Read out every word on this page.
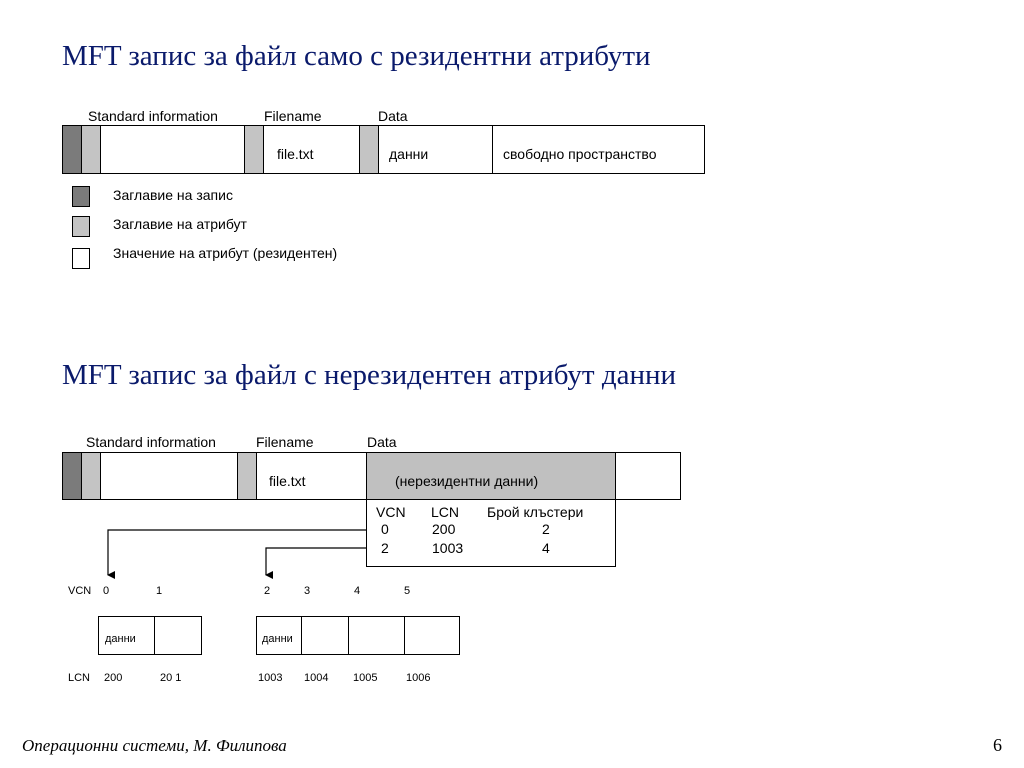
MFT запис за файл само с резидентни атрибути
Standard information	Filename	Data
file.txt	данни	свободно пространство
Заглавие на запис
Заглавие на атрибут
Значение на атрибут (резидентен)
MFT запис за файл с нерезидентен атрибут данни
Standard information	Filename	Data
file.txt	(нерезидентни данни)
VCN LCN Брой клъстери
0	200	2
2	1003	4
VCN 0	1	2	3	4	5
данни	данни
LCN 200	20 1	1003 1004 1005	1006
Операционни системи, М. Филипова	6
